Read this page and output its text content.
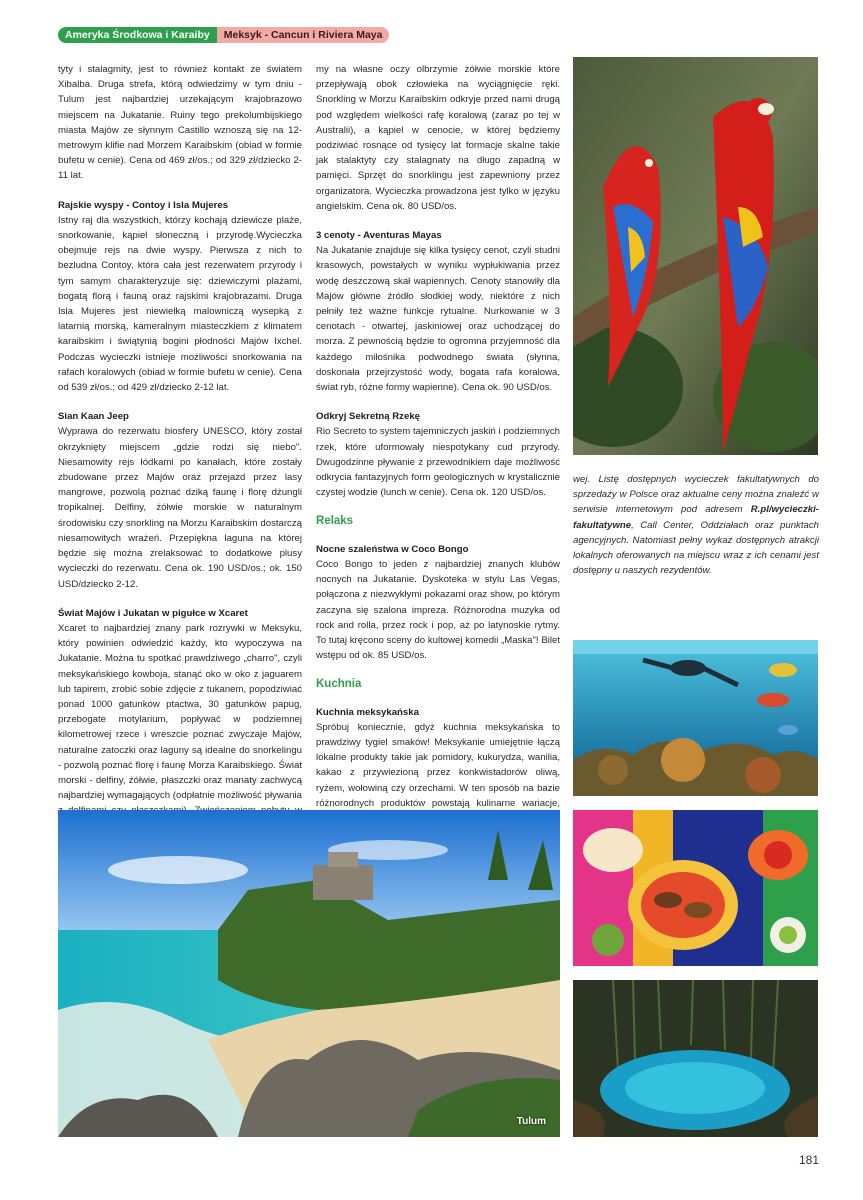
Ameryka Środkowa i Karaiby	Meksyk - Cancun i Riviera Maya

tyty i stalagmity, jest to również kontakt ze światem Xibalba. Druga strefa, którą odwiedzimy w tym dniu - Tulum jest najbardziej urzekającym krajobrazowo miejscem na Jukatanie. Ruiny tego prekolumbijskiego miasta Majów ze słynnym Castillo wznoszą się na 12- metrowym klifie nad Morzem Karaibskim (obiad w formie bufetu w cenie). Cena od 469 zł/os.; od 329 zł/dziecko 2-11 lat.

Rajskie wyspy - Contoy i Isla Mujeres

Istny raj dla wszystkich, którzy kochają dziewicze plaże, snorkowanie, kąpiel słoneczną i przyrodę.Wycieczka obejmuje rejs na dwie wyspy. Pierwsza z nich to bezludna Contoy, która cała jest rezerwatem przyrody i tym samym charakteryzuje się: dziewiczymi plażami, bogatą florą i fauną oraz rajskimi krajobrazami. Druga Isla Mujeres jest niewielką malowniczą wysepką z latarnią morską, kameralnym miasteczkiem z klimatem karaibskim i świątynią bogini płodności Majów Ixchel. Podczas wycieczki istnieje możliwości snorkowania na rafach koralowych (obiad w formie bufetu w cenie). Cena od 539 zł/os.; od 429 zł/dziecko 2-12 lat.

Sian Kaan Jeep

Wyprawa do rezerwatu biosfery UNESCO, który został okrzyknięty miejscem „gdzie rodzi się niebo". Niesamowity rejs łódkami po kanałach, które zostały zbudowane przez Majów oraz przejazd przez lasy mangrowe, pozwolą poznać dziką faunę i florę dżungli tropikalnej. Delfiny, żółwie morskie w naturalnym środowisku czy snorkling na Morzu Karaibskim dostarczą niesamowitych wrażeń. Przepiękna laguna na której będzie się można zrelaksować to dodatkowe plusy wycieczki do rezerwatu. Cena ok. 190 USD/os.; ok. 150 USD/dziecko 2-12.

Świat Majów i Jukatan w pigułce w Xcaret

Xcaret to najbardziej znany park rozrywki w Meksyku, który powinien odwiedzić każdy, kto wypoczywa na Jukatanie. Można tu spotkać prawdziwego „charro", czyli meksykańskiego kowboja, stanąć oko w oko z jaguarem lub tapirem, zrobić sobie zdjęcie z tukanem, popodziwiać ponad 1000 gatunków ptactwa, 30 gatunków papug, przebogate motylarium, popływać w podziemnej kilometrowej rzece i wreszcie poznać zwyczaje Majów, naturalne zatoczki oraz laguny są idealne do snorkelingu - pozwolą poznać florę i faunę Morza Karaibskiego. Świat morski - delfiny, żółwie, płaszczki oraz manaty zachwycą najbardziej wymagających (odpłatnie możliwość pływania

my na własne oczy olbrzymie żółwie morskie które przepływają obok człowieka na wyciągnięcie ręki. Snorkling w Morzu Karaibskim odkryje przed nami drugą pod względem wielkości rafę koralową (zaraz po tej w Australii), a kąpiel w cenocie, w której będziemy podziwiać rosnące od tysięcy lat formacje skalne takie jak stalaktyty czy stalagnaty na długo zapadną w pamięci. Sprzęt do snorklingu jest zapewniony przez organizatora. Wycieczka prowadzona jest tylko w języku angielskim. Cena ok. 80 USD/os.

3 cenoty - Aventuras Mayas

Na Jukatanie znajduje się kilka tysięcy cenot, czyli studni krasowych, powstałych w wyniku wypłukiwania przez wodę deszczową skał wapiennych. Cenoty stanowiły dla Majów główne źródło słodkiej wody, niektóre z nich pełniły też ważne funkcje rytualne. Nurkowanie w 3 cenotach - otwartej, jaskiniowej oraz uchodzącej do morza. Z pewnością będzie to ogromna przyjemność dla każdego miłośnika podwodnego świata (słynna, doskonała przejrzystość wody, bogata rafa koralowa, świat ryb, różne formy wapienne). Cena ok. 90 USD/os.

Odkryj Sekretną Rzekę

Rio Secreto to system tajemniczych jaskiń i podziemnych rzek, które uformowały niespotykany cud przyrody. Dwugodzinne pływanie z przewodnikiem daje możliwość odkrycia fantazyjnych form geologicznych w krystalicznie czystej wodzie (lunch w cenie). Cena ok. 120 USD/os.

Relaks
Nocne szaleństwa w Coco Bongo

Coco Bongo to jeden z najbardziej znanych klubów nocnych na Jukatanie. Dyskoteka w stylu Las Vegas, połączona z niezwykłymi pokazami oraz show, po którym zaczyna się szalona impreza. Różnorodna muzyka od rock and rolla, przez rock i pop, aż po latynoskie rytmy. To tutaj kręcono sceny do kultowej komedii „Maska"! Bilet wstępu od ok. 85 USD/os.

Kuchnia
Kuchnia meksykańska

Spróbuj koniecznie, gdyż kuchnia meksykańska to prawdziwy tygiel smaków! Meksykanie umiejętnie łączą lokalne produkty takie jak pomidory, kukurydza, wanilia, kakao z przywiezioną przez konkwistadorów oliwą, ryżem, wołowiną czy orzechami. W ten sposób na bazie różnorodnych produktów powstają kulinarne wariacje,

wej. Listę dostępnych wycieczek fakultatywnych do sprzedaży w Polsce oraz aktualne ceny można znaleźć w serwisie internetowym pod adresem R.pl/wycieczki-fakultatywne, Call Center, Oddziałach oraz punktach agencyjnych. Natomiast pełny wykaz dostępnych atrakcji lokalnych oferowanych na miejscu wraz z ich cenami jest dostępny u naszych rezydentów.
Tulum
181
